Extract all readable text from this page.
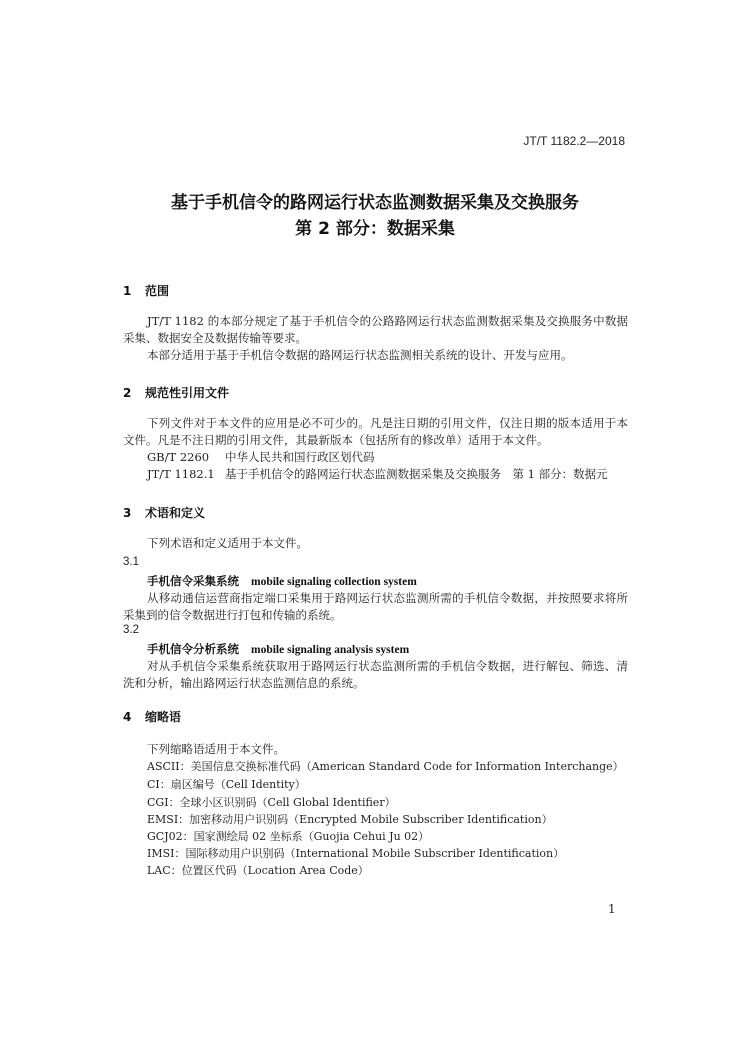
JT/T 1182.2—2018
基于手机信令的路网运行状态监测数据采集及交换服务
第 2 部分：数据采集
1 范围
JT/T 1182 的本部分规定了基于手机信令的公路路网运行状态监测数据采集及交换服务中数据采集、数据安全及数据传输等要求。
本部分适用于基于手机信令数据的路网运行状态监测相关系统的设计、开发与应用。
2 规范性引用文件
下列文件对于本文件的应用是必不可少的。凡是注日期的引用文件，仅注日期的版本适用于本文件。凡是不注日期的引用文件，其最新版本（包括所有的修改单）适用于本文件。
GB/T 2260 中华人民共和国行政区划代码
JT/T 1182.1 基于手机信令的路网运行状态监测数据采集及交换服务　第 1 部分：数据元
3 术语和定义
下列术语和定义适用于本文件。
3.1
手机信令采集系统 mobile signaling collection system
从移动通信运营商指定端口采集用于路网运行状态监测所需的手机信令数据，并按照要求将所采集到的信令数据进行打包和传输的系统。
3.2
手机信令分析系统 mobile signaling analysis system
对从手机信令采集系统获取用于路网运行状态监测所需的手机信令数据，进行解包、筛选、清洗和分析，输出路网运行状态监测信息的系统。
4 缩略语
下列缩略语适用于本文件。
ASCII：美国信息交换标准代码（American Standard Code for Information Interchange）
CI：扇区编号（Cell Identity）
CGI：全球小区识别码（Cell Global Identifier）
EMSI：加密移动用户识别码（Encrypted Mobile Subscriber Identification）
GCJ02：国家测绘局 02 坐标系（Guojia Cehui Ju 02）
IMSI：国际移动用户识别码（International Mobile Subscriber Identification）
LAC：位置区代码（Location Area Code）
1
